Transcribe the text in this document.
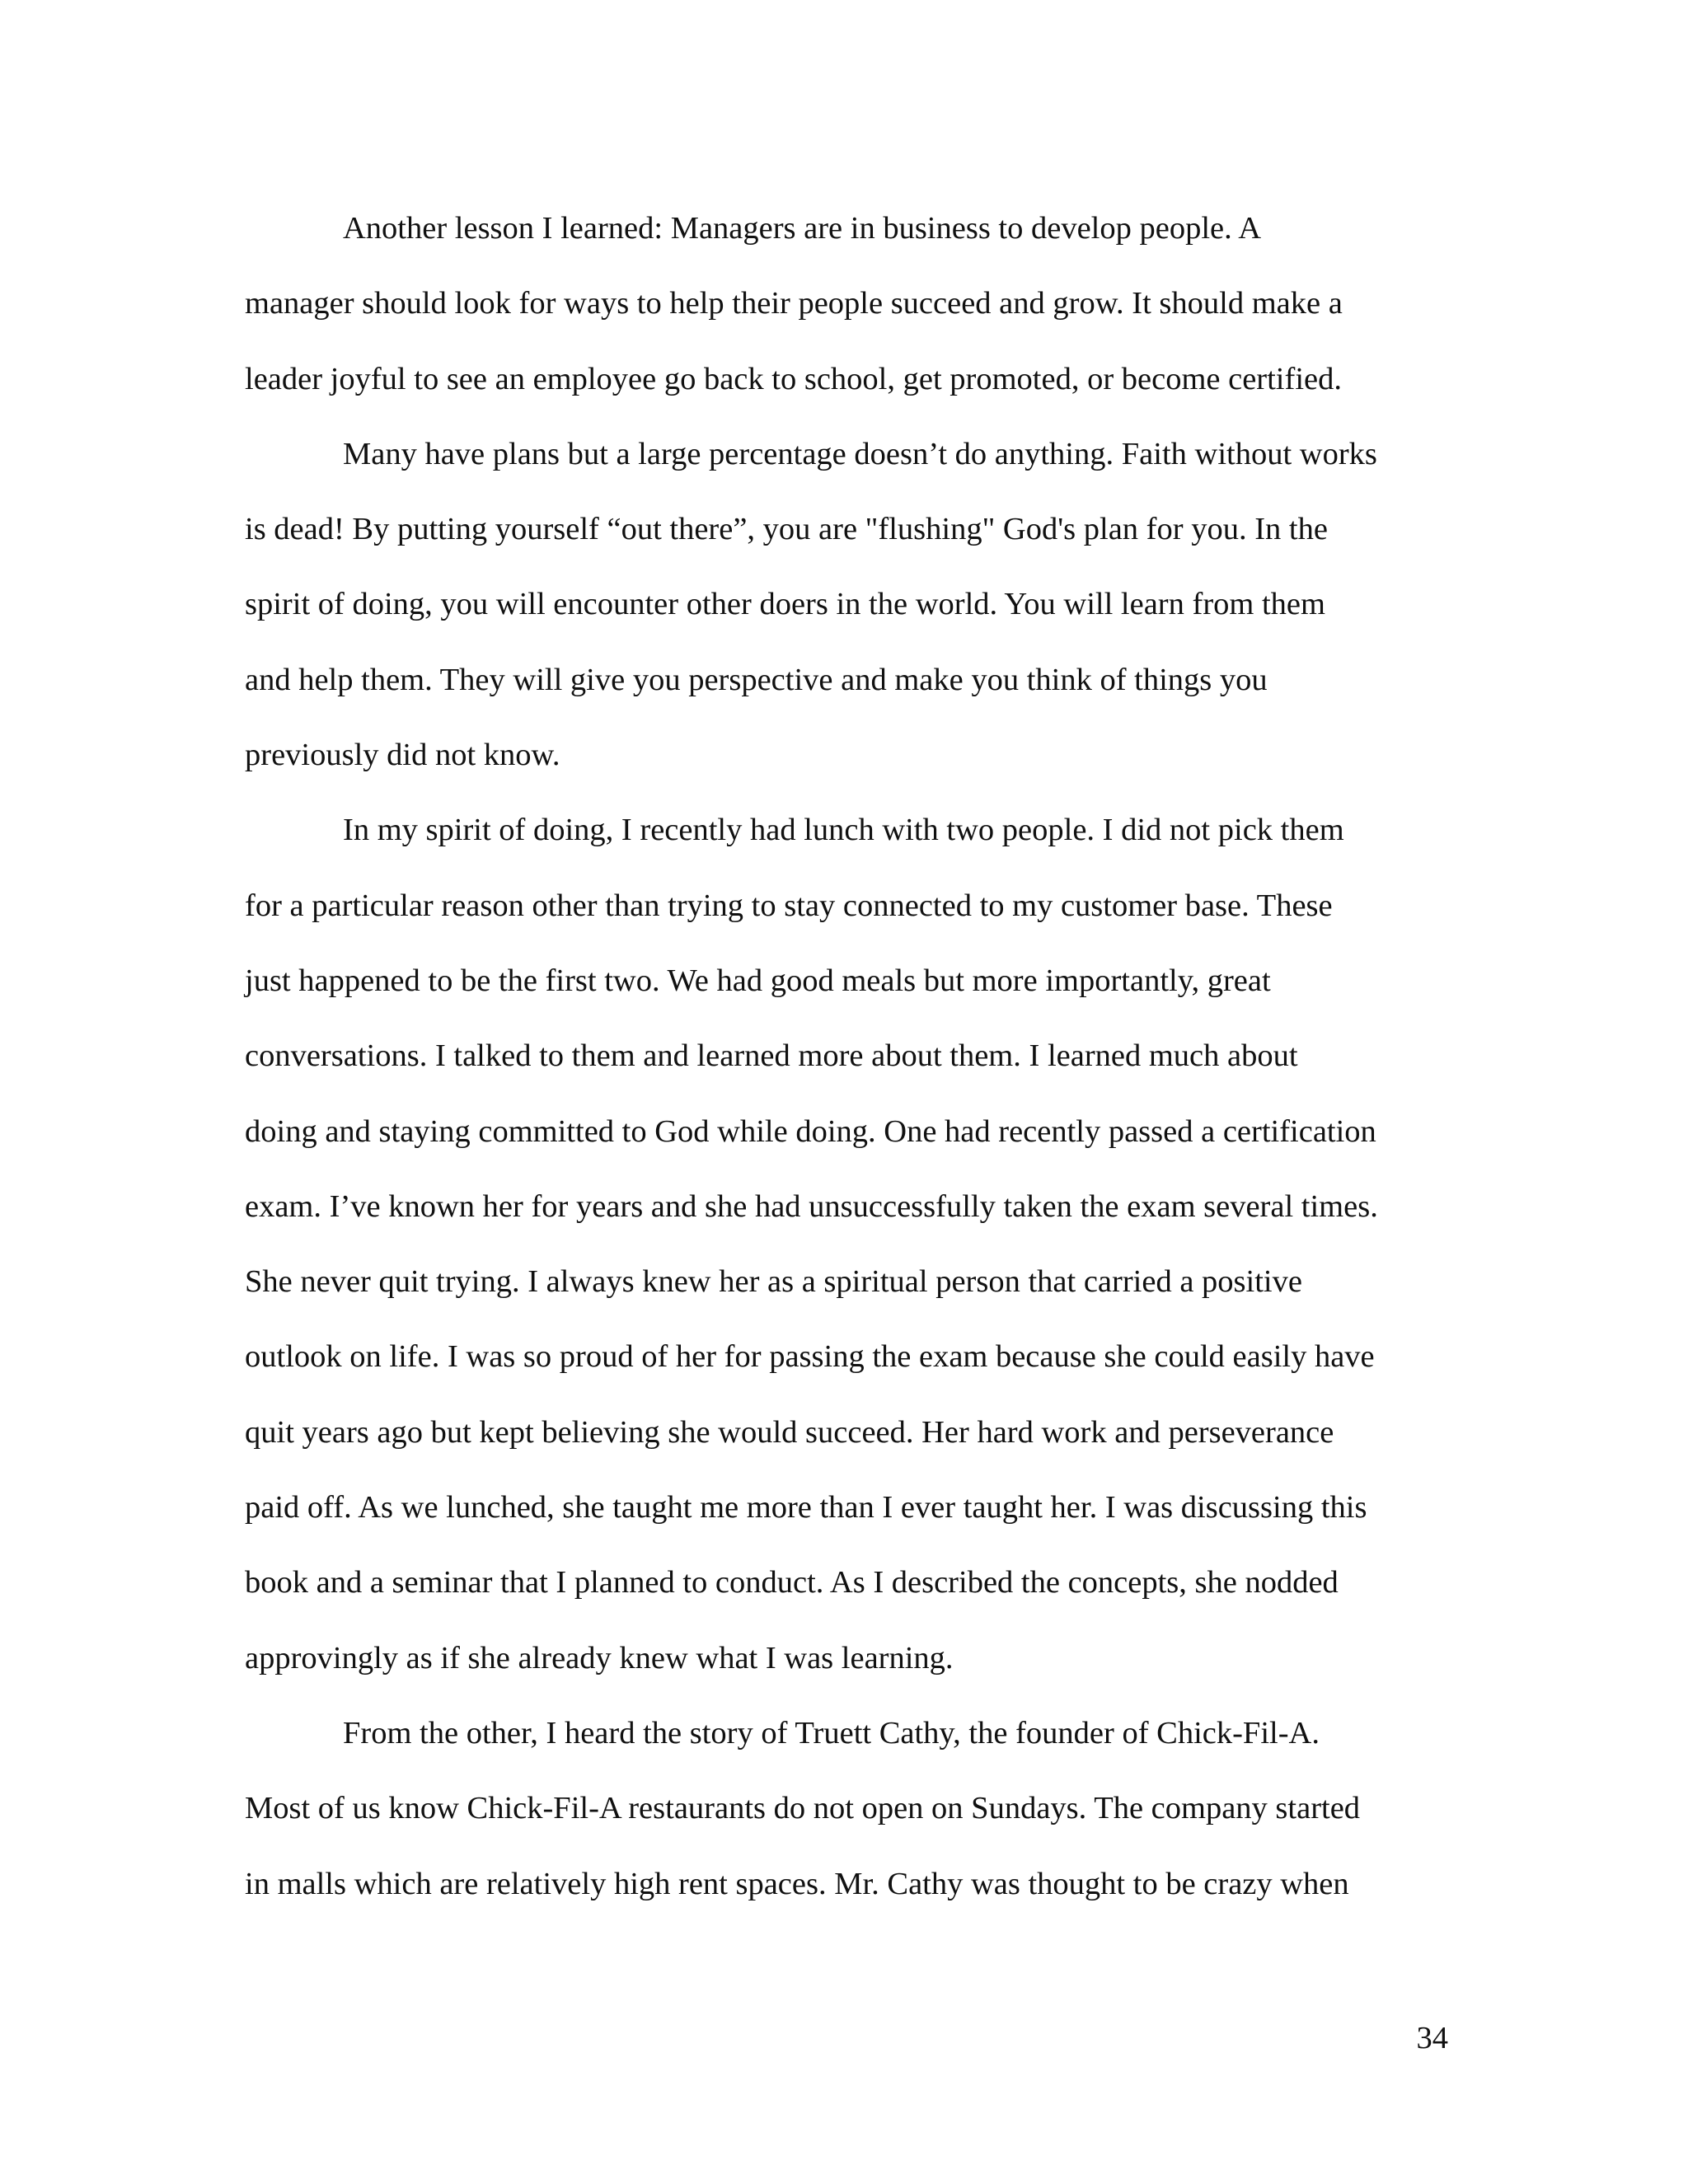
Another lesson I learned: Managers are in business to develop people. A
manager should look for ways to help their people succeed and grow. It should make a
leader joyful to see an employee go back to school, get promoted, or become certified.
Many have plans but a large percentage doesn’t do anything. Faith without works
is dead! By putting yourself “out there”, you are "flushing" God's plan for you. In the
spirit of doing, you will encounter other doers in the world. You will learn from them
and help them. They will give you perspective and make you think of things you
previously did not know.
In my spirit of doing, I recently had lunch with two people. I did not pick them
for a particular reason other than trying to stay connected to my customer base. These
just happened to be the first two. We had good meals but more importantly, great
conversations. I talked to them and learned more about them. I learned much about
doing and staying committed to God while doing. One had recently passed a certification
exam. I’ve known her for years and she had unsuccessfully taken the exam several times.
She never quit trying. I always knew her as a spiritual person that carried a positive
outlook on life. I was so proud of her for passing the exam because she could easily have
quit years ago but kept believing she would succeed. Her hard work and perseverance
paid off. As we lunched, she taught me more than I ever taught her. I was discussing this
book and a seminar that I planned to conduct. As I described the concepts, she nodded
approvingly as if she already knew what I was learning.
From the other, I heard the story of Truett Cathy, the founder of Chick-Fil-A.
Most of us know Chick-Fil-A restaurants do not open on Sundays. The company started
in malls which are relatively high rent spaces. Mr. Cathy was thought to be crazy when
34
